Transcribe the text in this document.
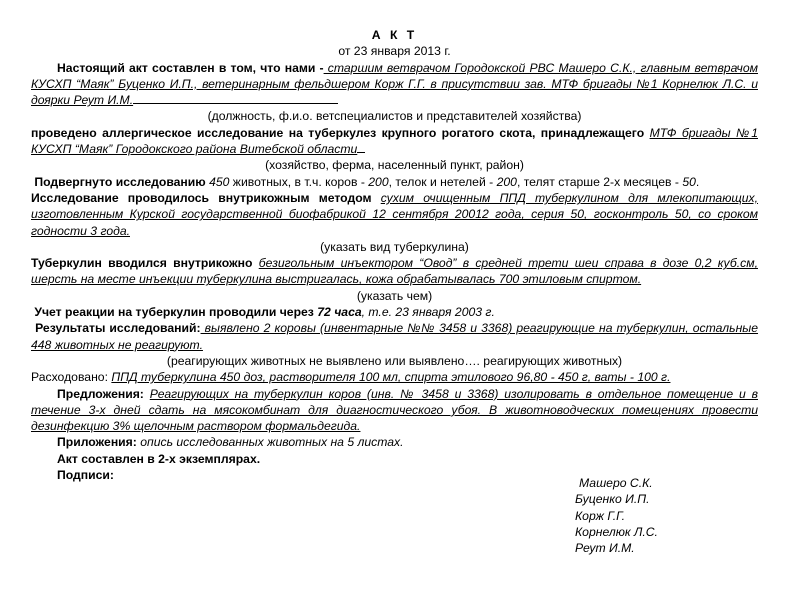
А К Т

от 23 января 2013 г.

Настоящий акт составлен в том, что нами - старшим ветврачом Городокской РВС Машеро С.К., главным ветврачом КУСХП “Маяк” Буценко И.П., ветеринарным фельдшером Корж Г.Г. в присутствии зав. МТФ бригады №1 Корнелюк Л.С. и доярки Реут И.М.

(должность, ф.и.о. ветспециалистов и представителей хозяйства)

проведено аллергическое исследование на туберкулез крупного рогатого скота, принадлежащего МТФ бригады №1 КУСХП “Маяк” Городокского района Витебской области

(хозяйство, ферма, населенный пункт, район)

Подвергнуто исследованию 450 животных, в т.ч. коров - 200, телок и нетелей - 200, телят старше 2-х месяцев - 50.

Исследование проводилось внутрикожным методом сухим очищенным ППД туберкулином для млекопитающих, изготовленным Курской государственной биофабрикой 12 сентября 20012 года, серия 50, госконтроль 50, со сроком годности 3 года.

(указать вид туберкулина)

Туберкулин вводился внутрикожно безигольным инъектором “Овод” в средней трети шеи справа в дозе 0,2 куб.см, шерсть на месте инъекции туберкулина выстригалась, кожа обрабатывалась 700 этиловым спиртом.

(указать чем)

Учет реакции на туберкулин проводили через 72 часа, т.е. 23 января 2003 г.

Результаты исследований: выявлено 2 коровы (инвентарные №№ 3458 и 3368) реагирующие на туберкулин, остальные 448 животных не реагируют.

(реагирующих животных не выявлено или выявлено…. реагирующих животных)

Расходовано: ППД туберкулина 450 доз, растворителя 100 мл, спирта этилового 96,80 - 450 г, ваты - 100 г.

Предложения: Реагирующих на туберкулин коров (инв. № 3458 и 3368) изолировать в отдельное помещение и в течение 3-х дней сдать на мясокомбинат для диагностического убоя. В животноводческих помещениях провести дезинфекцию 3% щелочным раствором формальдегида.

Приложения: опись исследованных животных на 5 листах.

Акт составлен в 2-х экземплярах.

Подписи:

Машеро С.К.
Буценко И.П.
Корж Г.Г.
Корнелюк Л.С.
Реут И.М.
